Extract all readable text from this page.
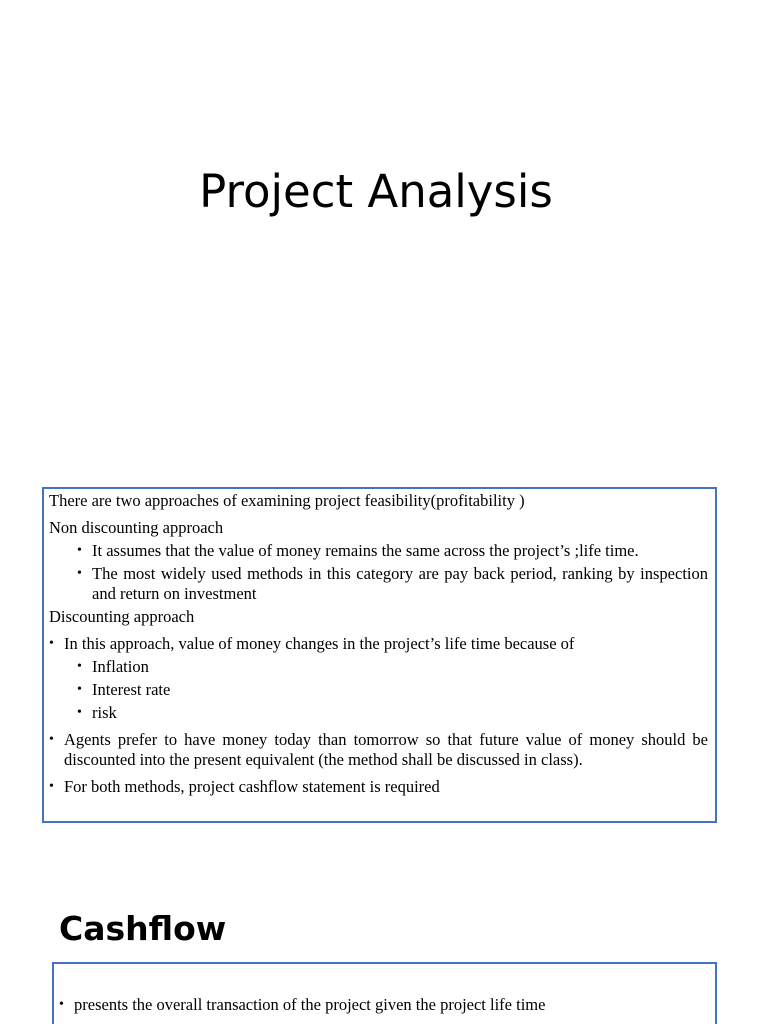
Project Analysis

There are two approaches of examining project feasibility(profitability )

Non discounting approach

• It assumes that the value of money remains the same across the project’s ;life time.
• The most widely used methods in this category are pay back period, ranking by inspection and return on investment

Discounting approach

• In this approach, value of money changes in the project’s life time because of
• Inflation
• Interest rate
• risk
• Agents prefer to have money today than tomorrow so that future value of money should be discounted into the present equivalent (the method shall be discussed in class).
• For both methods, project cashflow statement is required
Cashflow
• presents the overall transaction of the project given the project life time
